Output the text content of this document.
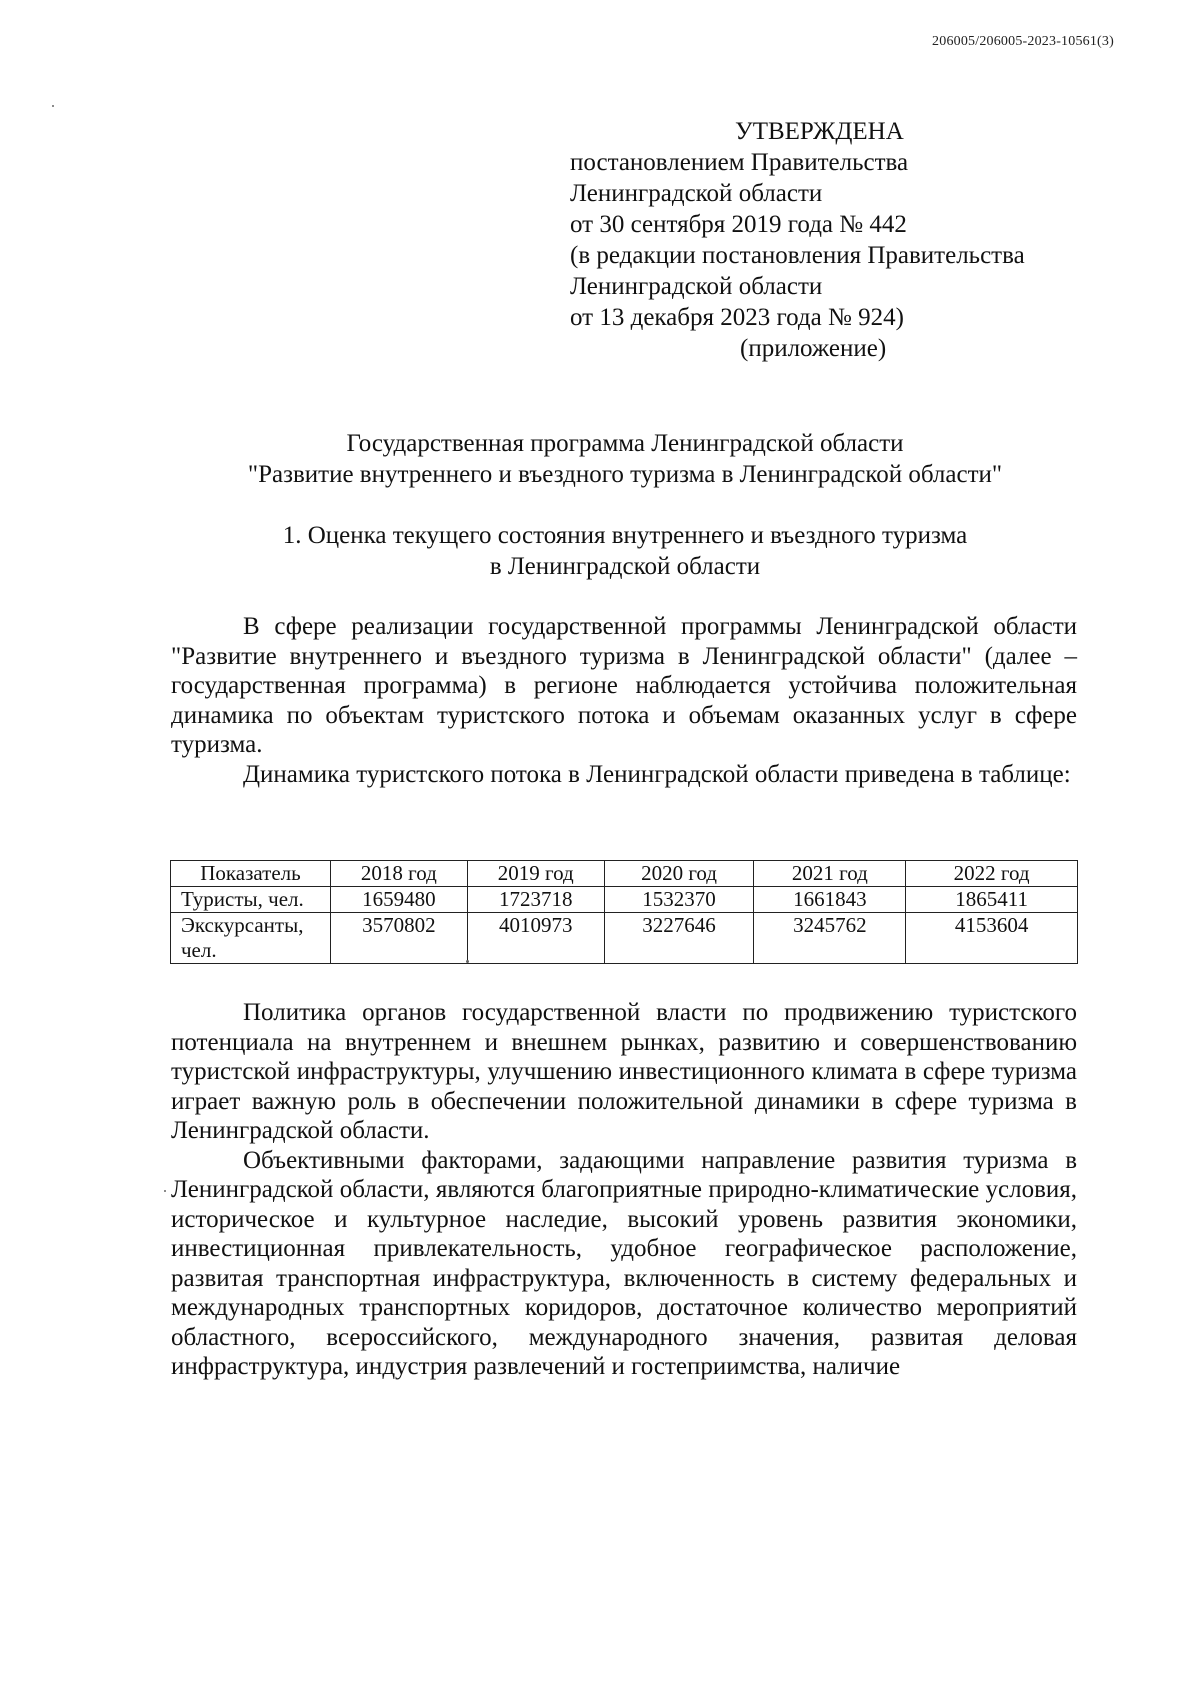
206005/206005-2023-10561(3)
УТВЕРЖДЕНА
постановлением Правительства
Ленинградской области
от 30 сентября 2019 года № 442
(в редакции постановления Правительства
Ленинградской области
от 13 декабря 2023 года № 924)
(приложение)
Государственная программа Ленинградской области
"Развитие внутреннего и въездного туризма в Ленинградской области"
1. Оценка текущего состояния внутреннего и въездного туризма
в Ленинградской области

В сфере реализации государственной программы Ленинградской области "Развитие внутреннего и въездного туризма в Ленинградской области" (далее – государственная программа) в регионе наблюдается устойчива положительная динамика по объектам туристского потока и объемам оказанных услуг в сфере туризма.

Динамика туристского потока в Ленинградской области приведена в таблице:

Показатель	2018 год	2019 год	2020 год	2021 год	2022 год
Туристы, чел.	1659480	1723718	1532370	1661843	1865411
Экскурсанты, чел.	3570802	4010973	3227646	3245762	4153604

Политика органов государственной власти по продвижению туристского потенциала на внутреннем и внешнем рынках, развитию и совершенствованию туристской инфраструктуры, улучшению инвестиционного климата в сфере туризма играет важную роль в обеспечении положительной динамики в сфере туризма в Ленинградской области.

Объективными факторами, задающими направление развития туризма в Ленинградской области, являются благоприятные природно-климатические условия, историческое и культурное наследие, высокий уровень развития экономики, инвестиционная привлекательность, удобное географическое расположение, развитая транспортная инфраструктура, включенность в систему федеральных и международных транспортных коридоров, достаточное количество мероприятий областного, всероссийского, международного значения, развитая деловая инфраструктура, индустрия развлечений и гостеприимства, наличие
